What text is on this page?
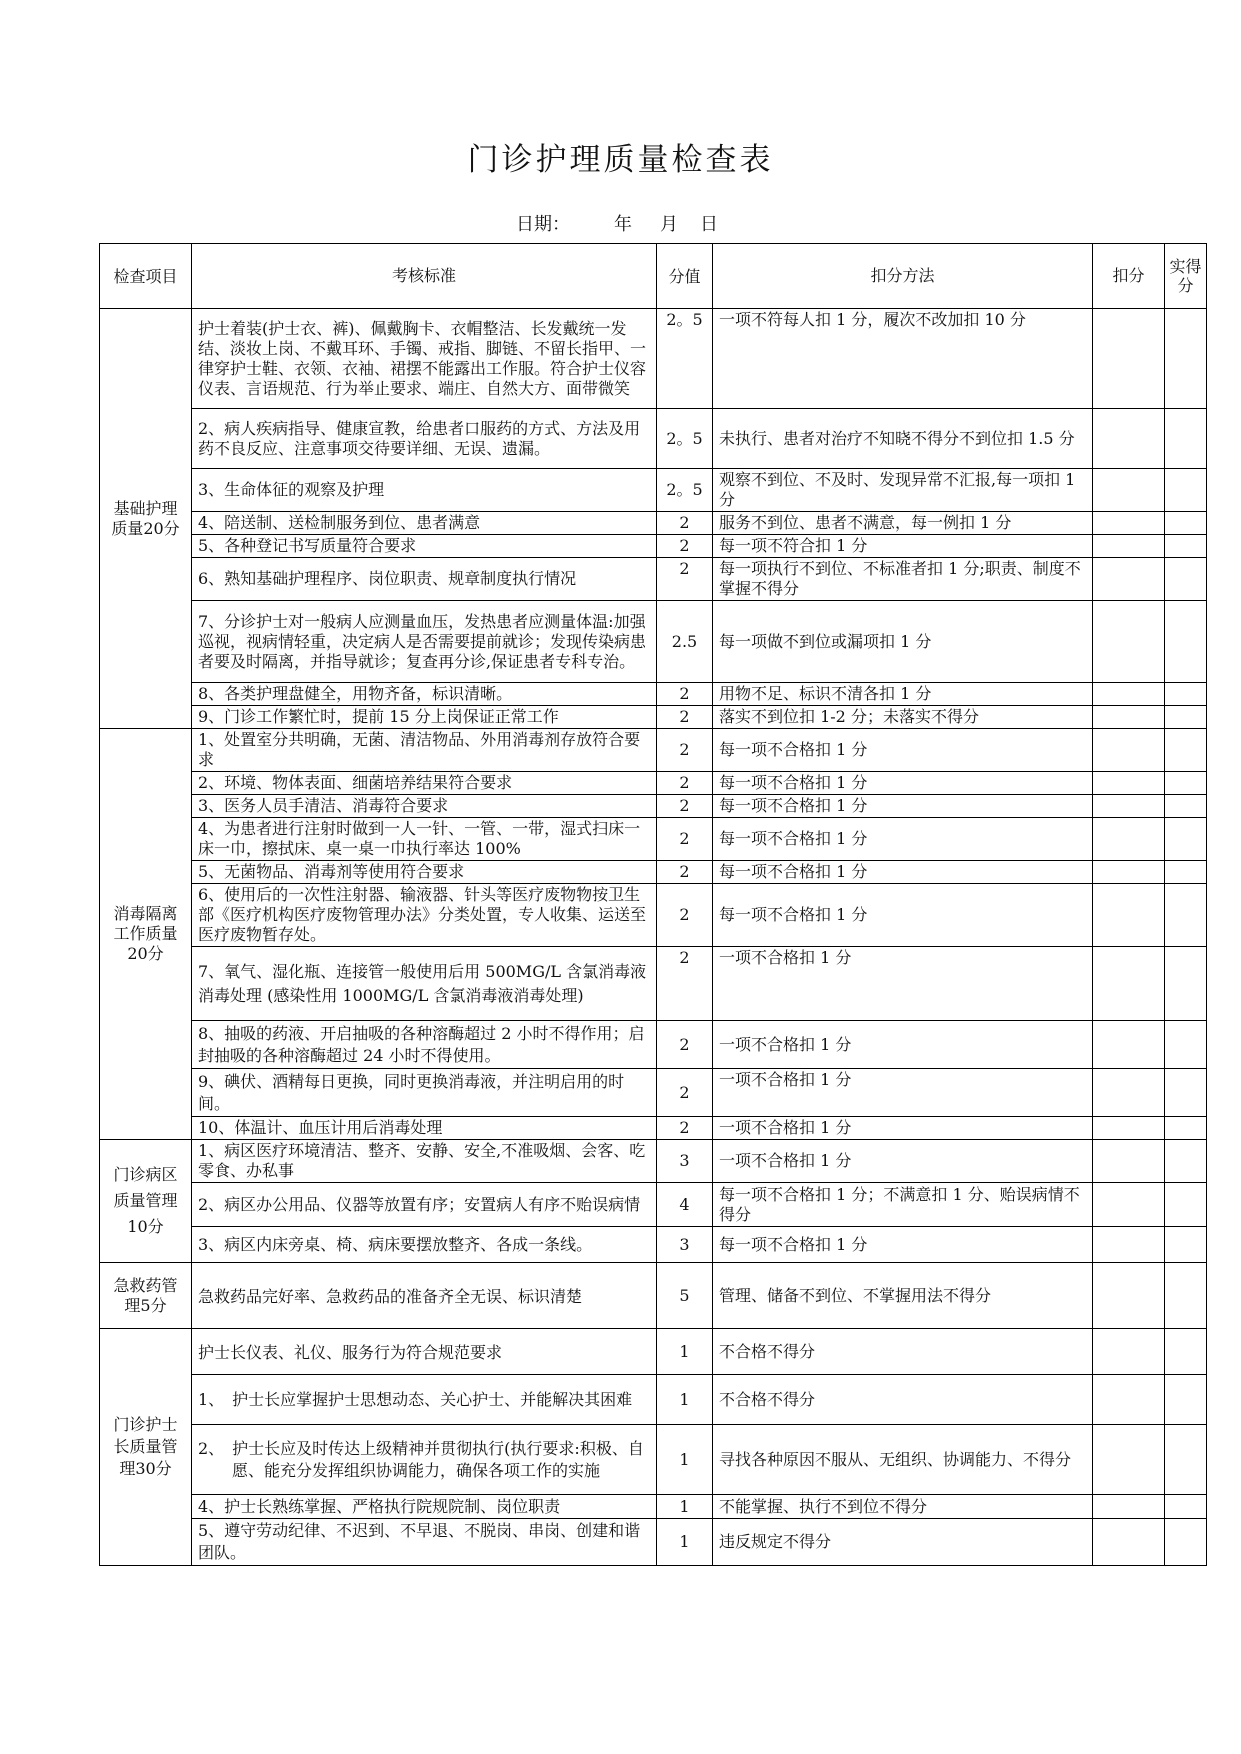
门诊护理质量检查表
日期： 年 月 日
检查项目	考核标准	分值	扣分方法	扣分	实得分
基础护理质量20分	护士着装(护士衣、裤)、佩戴胸卡、衣帽整洁、长发戴统一发结、淡妆上岗、不戴耳环、手镯、戒指、脚链、不留长指甲、一律穿护士鞋、衣领、衣袖、裙摆不能露出工作服。符合护士仪容仪表、言语规范、行为举止要求、端庄、自然大方、面带微笑	2。5	一项不符每人扣 1 分，履次不改加扣 10 分		
	2、病人疾病指导、健康宣教，给患者口服药的方式、方法及用药不良反应、注意事项交待要详细、无误、遗漏。	2。5	未执行、患者对治疗不知晓不得分不到位扣 1.5 分		
	3、生命体征的观察及护理	2。5	观察不到位、不及时、发现异常不汇报,每一项扣 1 分		
	4、陪送制、送检制服务到位、患者满意	2	服务不到位、患者不满意，每一例扣 1 分		
	5、各种登记书写质量符合要求	2	每一项不符合扣 1 分		
	6、熟知基础护理程序、岗位职责、规章制度执行情况	2	每一项执行不到位、不标准者扣 1 分;职责、制度不掌握不得分		
	7、分诊护士对一般病人应测量血压，发热患者应测量体温:加强巡视，视病情轻重，决定病人是否需要提前就诊；发现传染病患者要及时隔离，并指导就诊；复查再分诊,保证患者专科专治。	2.5	每一项做不到位或漏项扣 1 分		
	8、各类护理盘健全，用物齐备，标识清晰。	2	用物不足、标识不清各扣 1 分		
	9、门诊工作繁忙时，提前 15 分上岗保证正常工作	2	落实不到位扣 1-2 分；未落实不得分		
消毒隔离工作质量20分	1、处置室分共明确，无菌、清洁物品、外用消毒剂存放符合要求	2	每一项不合格扣 1 分		
	2、环境、物体表面、细菌培养结果符合要求	2	每一项不合格扣 1 分		
	3、医务人员手清洁、消毒符合要求	2	每一项不合格扣 1 分		
	4、为患者进行注射时做到一人一针、一管、一带，湿式扫床一床一巾，擦拭床、桌一桌一巾执行率达 100%	2	每一项不合格扣 1 分		
	5、无菌物品、消毒剂等使用符合要求	2	每一项不合格扣 1 分		
	6、使用后的一次性注射器、输液器、针头等医疗废物物按卫生部《医疗机构医疗废物管理办法》分类处置，专人收集、运送至医疗废物暂存处。	2	每一项不合格扣 1 分		
	7、氧气、湿化瓶、连接管一般使用后用 500MG/L 含氯消毒液消毒处理 (感染性用 1000MG/L 含氯消毒液消毒处理)	2	一项不合格扣 1 分		
	8、抽吸的药液、开启抽吸的各种溶酶超过 2 小时不得作用；启封抽吸的各种溶酶超过 24 小时不得使用。	2	一项不合格扣 1 分		
	9、碘伏、酒精每日更换，同时更换消毒液，并注明启用的时间。	2	一项不合格扣 1 分		
	10、体温计、血压计用后消毒处理	2	一项不合格扣 1 分		
门诊病区质量管理10分	1、病区医疗环境清洁、整齐、安静、安全,不准吸烟、会客、吃零食、办私事	3	一项不合格扣 1 分		
	2、病区办公用品、仪器等放置有序；安置病人有序不贻误病情	4	每一项不合格扣 1 分；不满意扣 1 分、贻误病情不得分		
	3、病区内床旁桌、椅、病床要摆放整齐、各成一条线。	3	每一项不合格扣 1 分		
急救药管理5分	急救药品完好率、急救药品的准备齐全无误、标识清楚	5	管理、储备不到位、不掌握用法不得分		
门诊护士长质量管理30分	护士长仪表、礼仪、服务行为符合规范要求	1	不合格不得分		

	1、　护士长应掌握护士思想动态、关心护士、并能解决其困难	1	不合格不得分		

	2、　护士长应及时传达上级精神并贯彻执行(执行要求:积极、自愿、能充分发挥组织协调能力，确保各项工作的实施	1	寻找各种原因不服从、无组织、协调能力、不得分		
	4、护士长熟练掌握、严格执行院规院制、岗位职责	1	不能掌握、执行不到位不得分		
	5、遵守劳动纪律、不迟到、不早退、不脱岗、串岗、创建和谐团队。	1	违反规定不得分		
